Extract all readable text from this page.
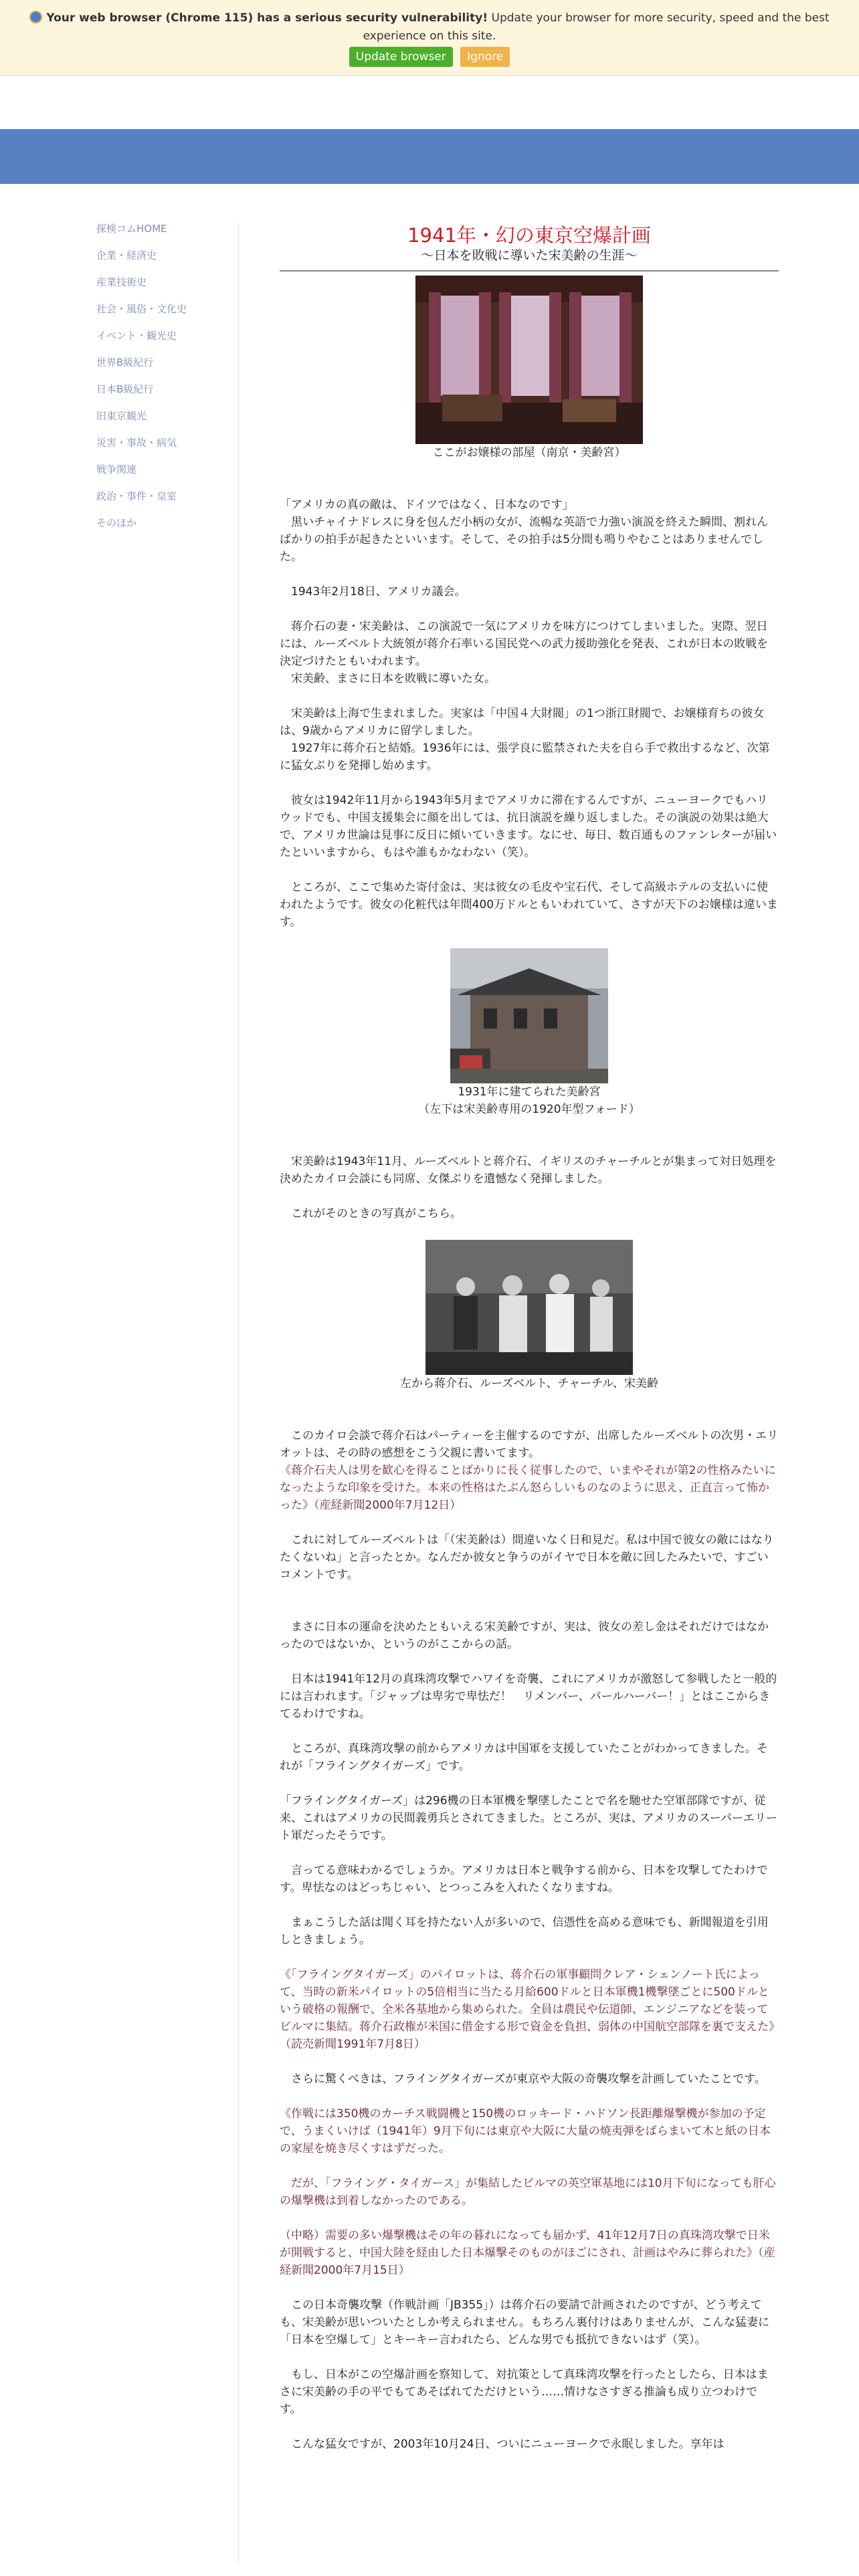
Your web browser (Chrome 115) has a serious security vulnerability! Update your browser for more security, speed and the best experience on this site.
Update browser Ignore
探検コムHOME
企業・経済史
産業技術史
社会・風俗・文化史
イベント・観光史
世界B級紀行
日本B級紀行
旧東京観光
災害・事故・病気
戦争関連
政治・事件・皇室
そのほか
1941年・幻の東京空爆計画
〜日本を敗戦に導いた宋美齢の生涯〜
ここがお嬢様の部屋（南京・美齢宮）

「アメリカの真の敵は、ドイツではなく、日本なのです」
　黒いチャイナドレスに身を包んだ小柄の女が、流暢な英語で力強い演説を終えた瞬間、割れんばかりの拍手が起きたといいます。そして、その拍手は5分間も鳴りやむことはありませんでした。

　1943年2月18日、アメリカ議会。

　蒋介石の妻・宋美齢は、この演説で一気にアメリカを味方につけてしまいました。実際、翌日には、ルーズベルト大統領が蒋介石率いる国民党への武力援助強化を発表、これが日本の敗戦を決定づけたともいわれます。
　宋美齢、まさに日本を敗戦に導いた女。

　宋美齢は上海で生まれました。実家は「中国４大財閥」の1つ浙江財閥で、お嬢様育ちの彼女は、9歳からアメリカに留学しました。
　1927年に蒋介石と結婚。1936年には、張学良に監禁された夫を自ら手で救出するなど、次第に猛女ぶりを発揮し始めます。

　彼女は1942年11月から1943年5月までアメリカに滞在するんですが、ニューヨークでもハリウッドでも、中国支援集会に顔を出しては、抗日演説を繰り返しました。その演説の効果は絶大で、アメリカ世論は見事に反日に傾いていきます。なにせ、毎日、数百通ものファンレターが届いたといいますから、もはや誰もかなわない（笑）。

　ところが、ここで集めた寄付金は、実は彼女の毛皮や宝石代、そして高級ホテルの支払いに使われたようです。彼女の化粧代は年間400万ドルともいわれていて、さすが天下のお嬢様は違います。

1931年に建てられた美齢宮
（左下は宋美齢専用の1920年型フォード）

　宋美齢は1943年11月、ルーズベルトと蒋介石、イギリスのチャーチルとが集まって対日処理を決めたカイロ会談にも同席、女傑ぶりを遺憾なく発揮しました。

　これがそのときの写真がこちら。

左から蒋介石、ルーズベルト、チャーチル、宋美齢

　このカイロ会談で蒋介石はパーティーを主催するのですが、出席したルーズベルトの次男・エリオットは、その時の感想をこう父親に書いてます。
《蒋介石夫人は男を歓心を得ることばかりに長く従事したので、いまやそれが第2の性格みたいになったような印象を受けた。本来の性格はたぶん怒らしいものなのように思え、正直言って怖かった》（産経新聞2000年7月12日）

　これに対してルーズベルトは「（宋美齢は）間違いなく日和見だ。私は中国で彼女の敵にはなりたくないね」と言ったとか。なんだか彼女と争うのがイヤで日本を敵に回したみたいで、すごいコメントです。

　まさに日本の運命を決めたともいえる宋美齢ですが、実は、彼女の差し金はそれだけではなかったのではないか、というのがここからの話。

　日本は1941年12月の真珠湾攻撃でハワイを奇襲、これにアメリカが激怒して参戦したと一般的には言われます。「ジャップは卑劣で卑怯だ！　リメンバー、パールハーバー！」とはここからきてるわけですね。

　ところが、真珠湾攻撃の前からアメリカは中国軍を支援していたことがわかってきました。それが「フライングタイガーズ」です。

「フライングタイガーズ」は296機の日本軍機を撃墜したことで名を馳せた空軍部隊ですが、従来、これはアメリカの民間義勇兵とされてきました。ところが、実は、アメリカのスーパーエリート軍だったそうです。

　言ってる意味わかるでしょうか。アメリカは日本と戦争する前から、日本を攻撃してたわけです。卑怯なのはどっちじゃい、とつっこみを入れたくなりますね。

　まぁこうした話は聞く耳を持たない人が多いので、信憑性を高める意味でも、新聞報道を引用しときましょう。

《「フライングタイガーズ」のパイロットは、蒋介石の軍事顧問クレア・シェンノート氏によって、当時の新米パイロットの5倍相当に当たる月給600ドルと日本軍機1機撃墜ごとに500ドルという破格の報酬で、全米各基地から集められた。全員は農民や伝道師、エンジニアなどを装ってビルマに集結。蒋介石政権が米国に借金する形で資金を負担、弱体の中国航空部隊を裏で支えた》（読売新聞1991年7月8日）

　さらに驚くべきは、フライングタイガーズが東京や大阪の奇襲攻撃を計画していたことです。

《作戦には350機のカーチス戦闘機と150機のロッキード・ハドソン長距離爆撃機が参加の予定で、うまくいけば（1941年）9月下旬には東京や大阪に大量の焼夷弾をばらまいて木と紙の日本の家屋を焼き尽くすはずだった。

　だが、「フライング・タイガース」が集結したビルマの英空軍基地には10月下旬になっても肝心の爆撃機は到着しなかったのである。

（中略）需要の多い爆撃機はその年の暮れになっても届かず、41年12月7日の真珠湾攻撃で日米が開戦すると、中国大陸を経由した日本爆撃そのものがほごにされ、計画はやみに葬られた》（産経新聞2000年7月15日）

　この日本奇襲攻撃（作戦計画「JB355」）は蒋介石の要請で計画されたのですが、どう考えても、宋美齢が思いついたとしか考えられません。もちろん裏付けはありませんが、こんな猛妻に「日本を空爆して」とキーキー言われたら、どんな男でも抵抗できないはず（笑）。

　もし、日本がこの空爆計画を察知して、対抗策として真珠湾攻撃を行ったとしたら、日本はまさに宋美齢の手の平でもてあそばれてただけという……情けなさすぎる推論も成り立つわけです。

　こんな猛女ですが、2003年10月24日、ついにニューヨークで永眠しました。享年は
